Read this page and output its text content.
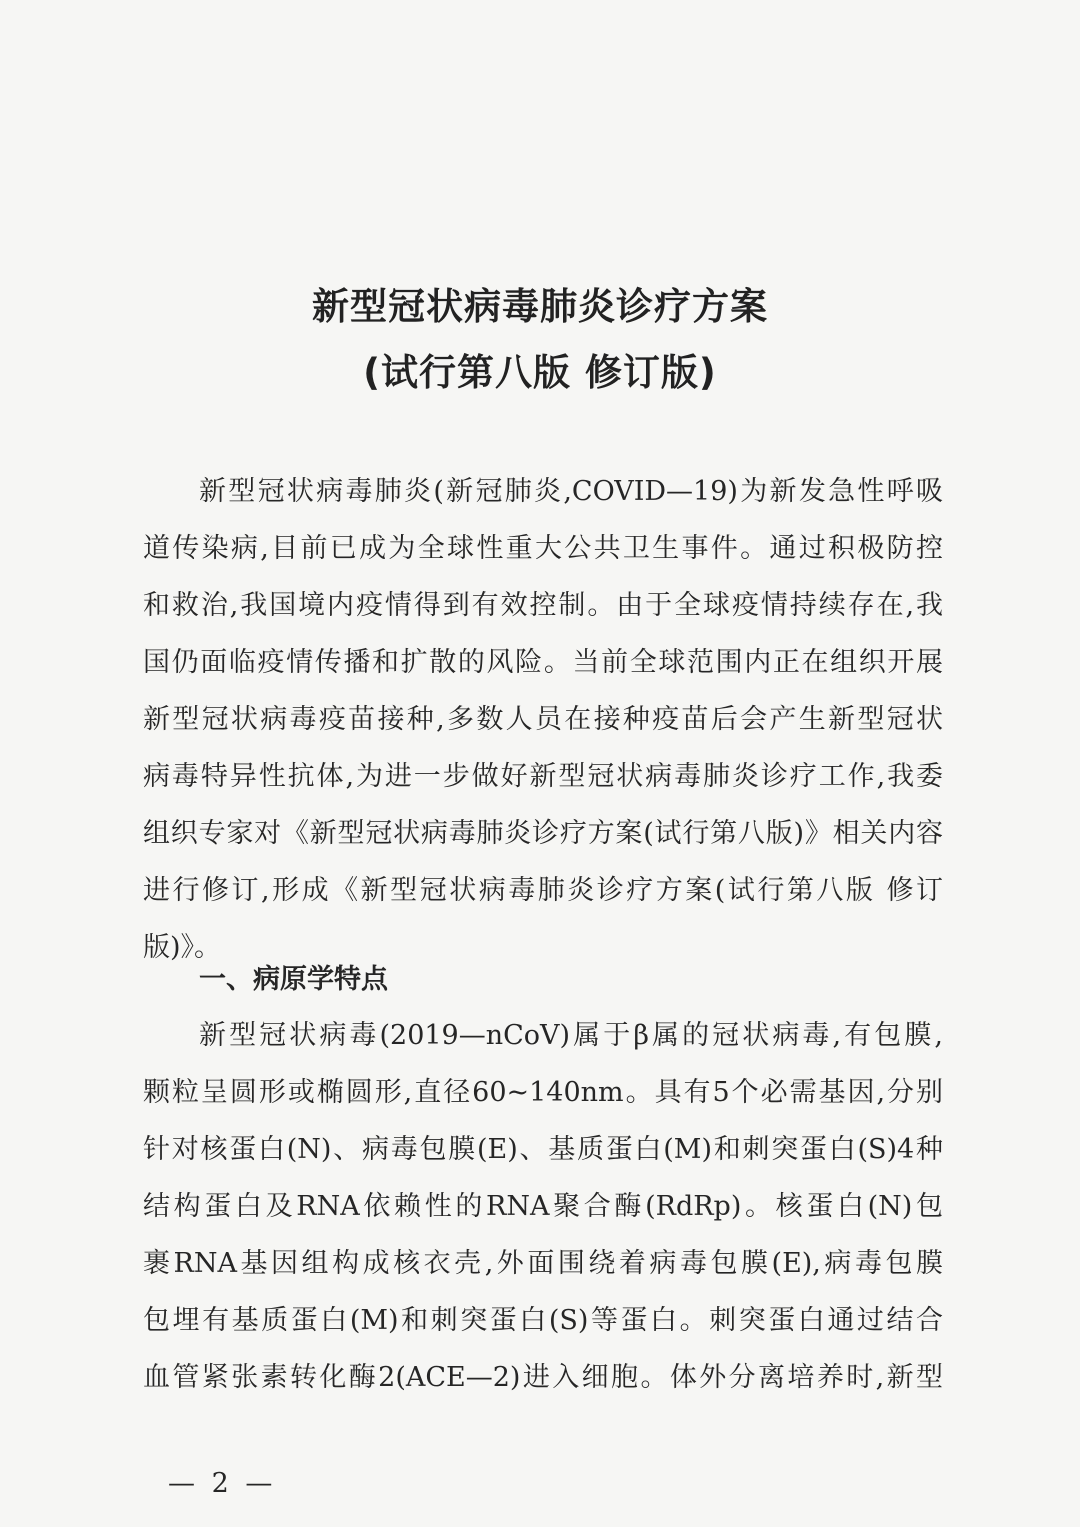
新型冠状病毒肺炎诊疗方案
(试行第八版 修订版)
新型冠状病毒肺炎(新冠肺炎,COVID—19)为新发急性呼吸
道传染病,目前已成为全球性重大公共卫生事件。通过积极防控
和救治,我国境内疫情得到有效控制。由于全球疫情持续存在,我
国仍面临疫情传播和扩散的风险。当前全球范围内正在组织开展
新型冠状病毒疫苗接种,多数人员在接种疫苗后会产生新型冠状
病毒特异性抗体,为进一步做好新型冠状病毒肺炎诊疗工作,我委
组织专家对《新型冠状病毒肺炎诊疗方案(试行第八版)》相关内容
进行修订,形成《新型冠状病毒肺炎诊疗方案(试行第八版 修订
版)》。
一、病原学特点
新型冠状病毒(2019—nCoV)属于β属的冠状病毒,有包膜,
颗粒呈圆形或椭圆形,直径60~140nm。具有5个必需基因,分别
针对核蛋白(N)、病毒包膜(E)、基质蛋白(M)和刺突蛋白(S)4种
结构蛋白及RNA依赖性的RNA聚合酶(RdRp)。核蛋白(N)包
裹RNA基因组构成核衣壳,外面围绕着病毒包膜(E),病毒包膜
包埋有基质蛋白(M)和刺突蛋白(S)等蛋白。刺突蛋白通过结合
血管紧张素转化酶2(ACE—2)进入细胞。体外分离培养时,新型
— 2 —
